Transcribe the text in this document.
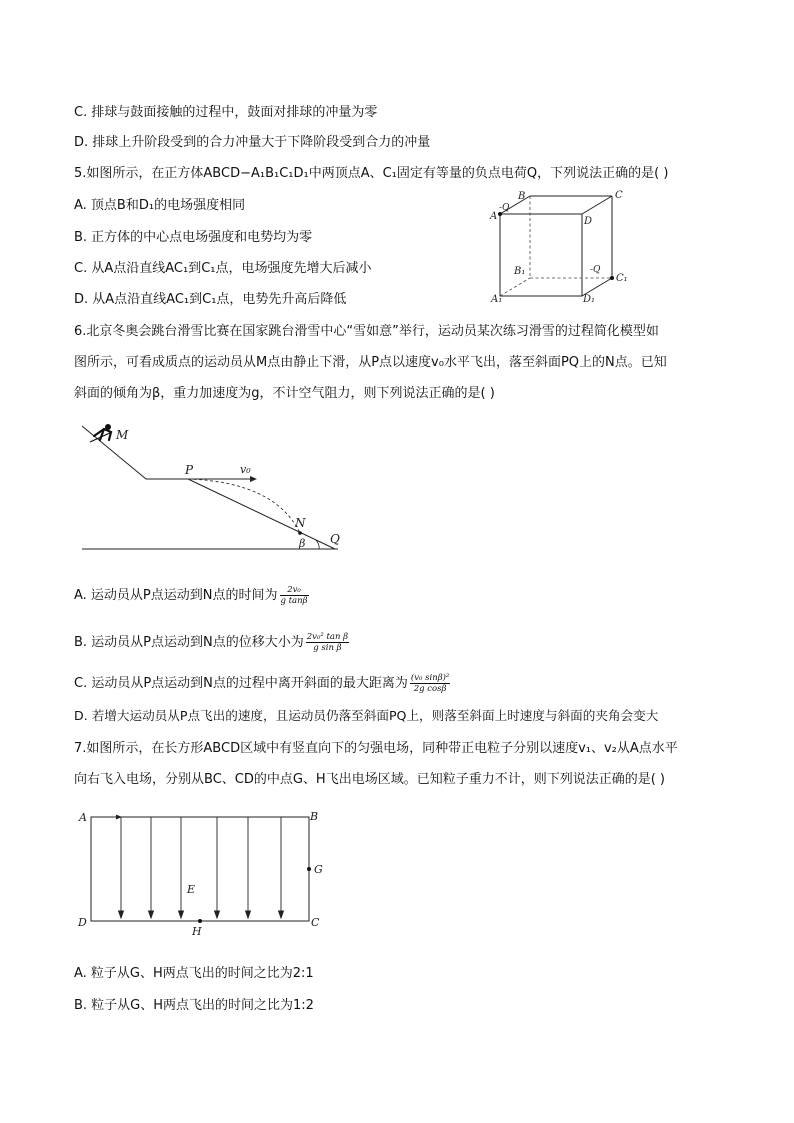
C. 排球与鼓面接触的过程中，鼓面对排球的冲量为零
D. 排球上升阶段受到的合力冲量大于下降阶段受到合力的冲量
5.如图所示，在正方体ABCD−A₁B₁C₁D₁中两顶点A、C₁固定有等量的负点电荷Q，下列说法正确的是( )
A. 顶点B和D₁的电场强度相同
B. 正方体的中心点电场强度和电势均为零
C. 从A点沿直线AC₁到C₁点，电场强度先增大后减小
D. 从A点沿直线AC₁到C₁点，电势先升高后降低
-Q
A
B	C
D
B₁	-Q
C₁
A₁	D₁
6.北京冬奥会跳台滑雪比赛在国家跳台滑雪中心“雪如意”举行，运动员某次练习滑雪的过程简化模型如
图所示，可看成质点的运动员从M点由静止下滑，从P点以速度v₀水平飞出，落至斜面PQ上的N点。已知
斜面的倾角为β，重力加速度为g，不计空气阻力，则下列说法正确的是( )
M
P	v₀
N
β Q
A. 运动员从P点运动到N点的时间为 $\frac{\text{2v₀}}{\text{g tanβ}}$
B. 运动员从P点运动到N点的位移大小为 $\frac{\text{2v₀² tan β}}{\text{g sin β}}$
C. 运动员从P点运动到N点的过程中离开斜面的最大距离为 $\frac{\text{(v₀ sinβ)²}}{\text{2g cosβ}}$
D. 若增大运动员从P点飞出的速度，且运动员仍落至斜面PQ上，则落至斜面上时速度与斜面的夹角会变大
7.如图所示，在长方形ABCD区域中有竖直向下的匀强电场，同种带正电粒子分别以速度v₁、v₂从A点水平
向右飞入电场，分别从BC、CD的中点G、H飞出电场区域。已知粒子重力不计，则下列说法正确的是( )
A	B
G
E
D
H
C
A. 粒子从G、H两点飞出的时间之比为2:1
B. 粒子从G、H两点飞出的时间之比为1:2
